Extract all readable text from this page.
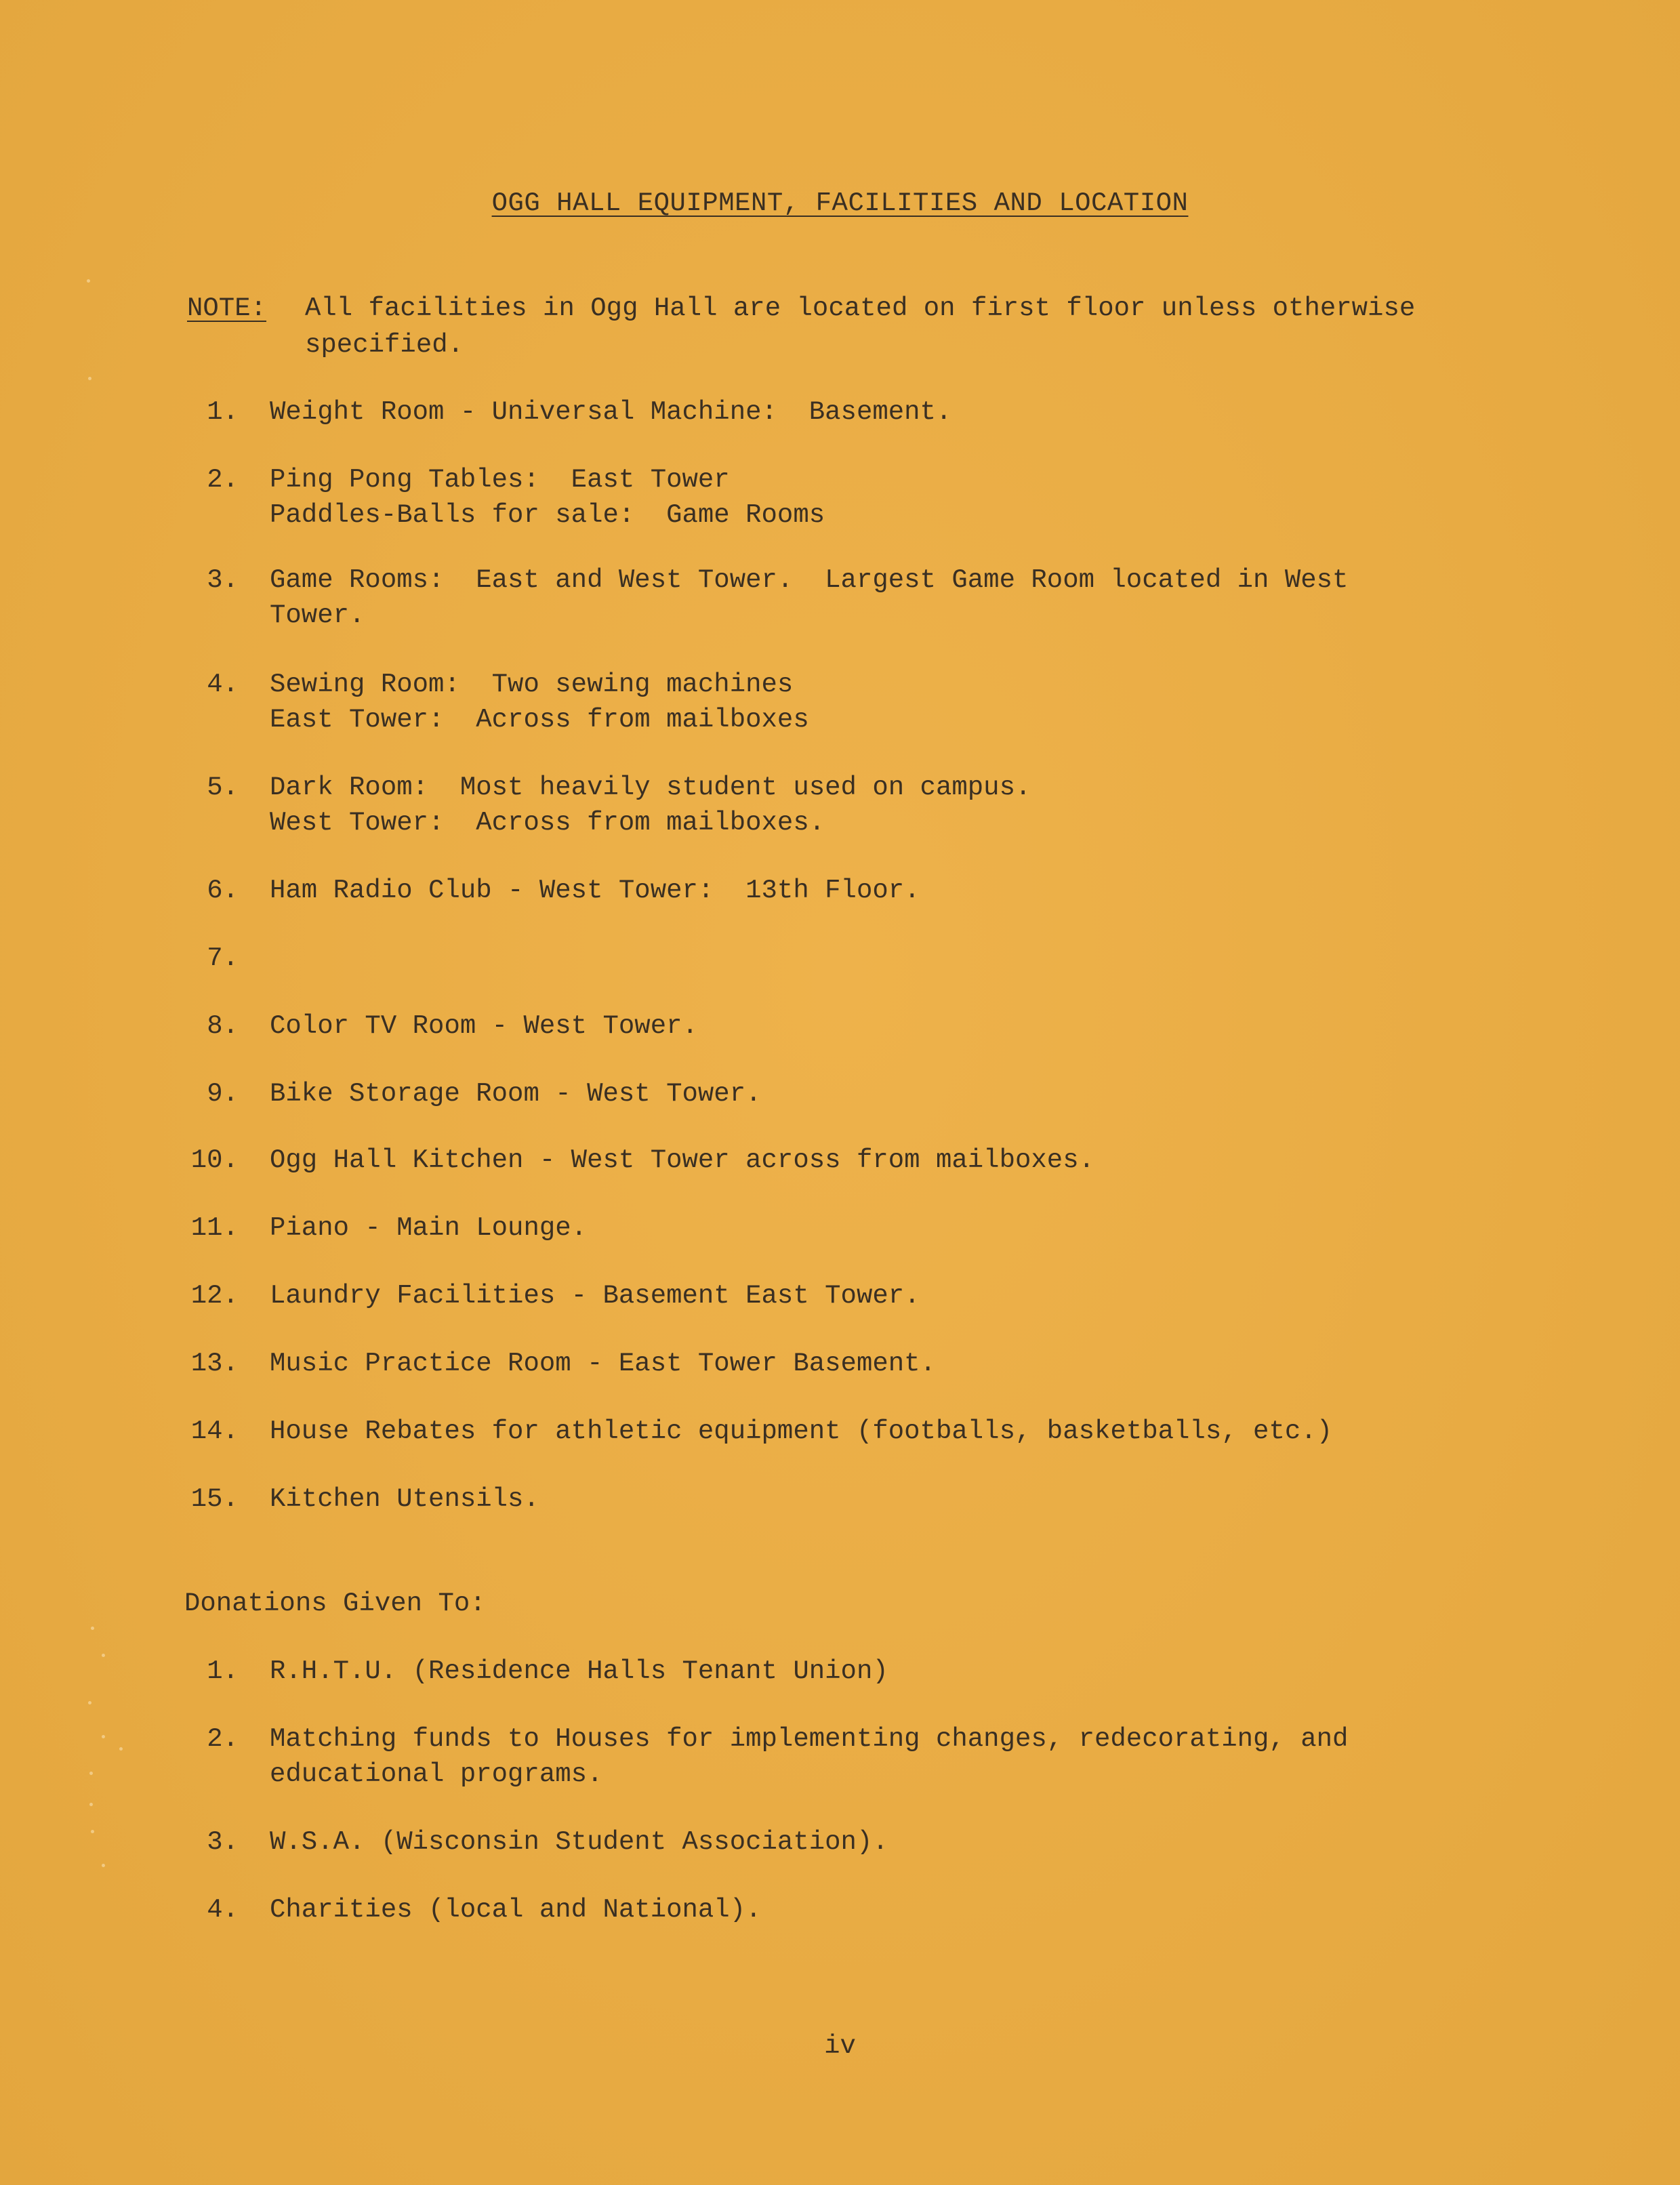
OGG HALL EQUIPMENT, FACILITIES AND LOCATION
NOTE: All facilities in Ogg Hall are located on first floor unless otherwise specified.
1. Weight Room - Universal Machine:  Basement.
2. Ping Pong Tables:  East Tower
Paddles-Balls for sale:  Game Rooms
3. Game Rooms:  East and West Tower.  Largest Game Room located in West
Tower.
4. Sewing Room:  Two sewing machines
East Tower:  Across from mailboxes
5. Dark Room:  Most heavily student used on campus.
West Tower:  Across from mailboxes.
6. Ham Radio Club - West Tower:  13th Floor.
7.
8. Color TV Room - West Tower.
9. Bike Storage Room - West Tower.
10. Ogg Hall Kitchen - West Tower across from mailboxes.
11. Piano - Main Lounge.
12. Laundry Facilities - Basement East Tower.
13. Music Practice Room - East Tower Basement.
14. House Rebates for athletic equipment (footballs, basketballs, etc.)
15. Kitchen Utensils.
Donations Given To:
1. R.H.T.U. (Residence Halls Tenant Union)
2. Matching funds to Houses for implementing changes, redecorating, and
educational programs.
3. W.S.A. (Wisconsin Student Association).
4. Charities (local and National).
iv
